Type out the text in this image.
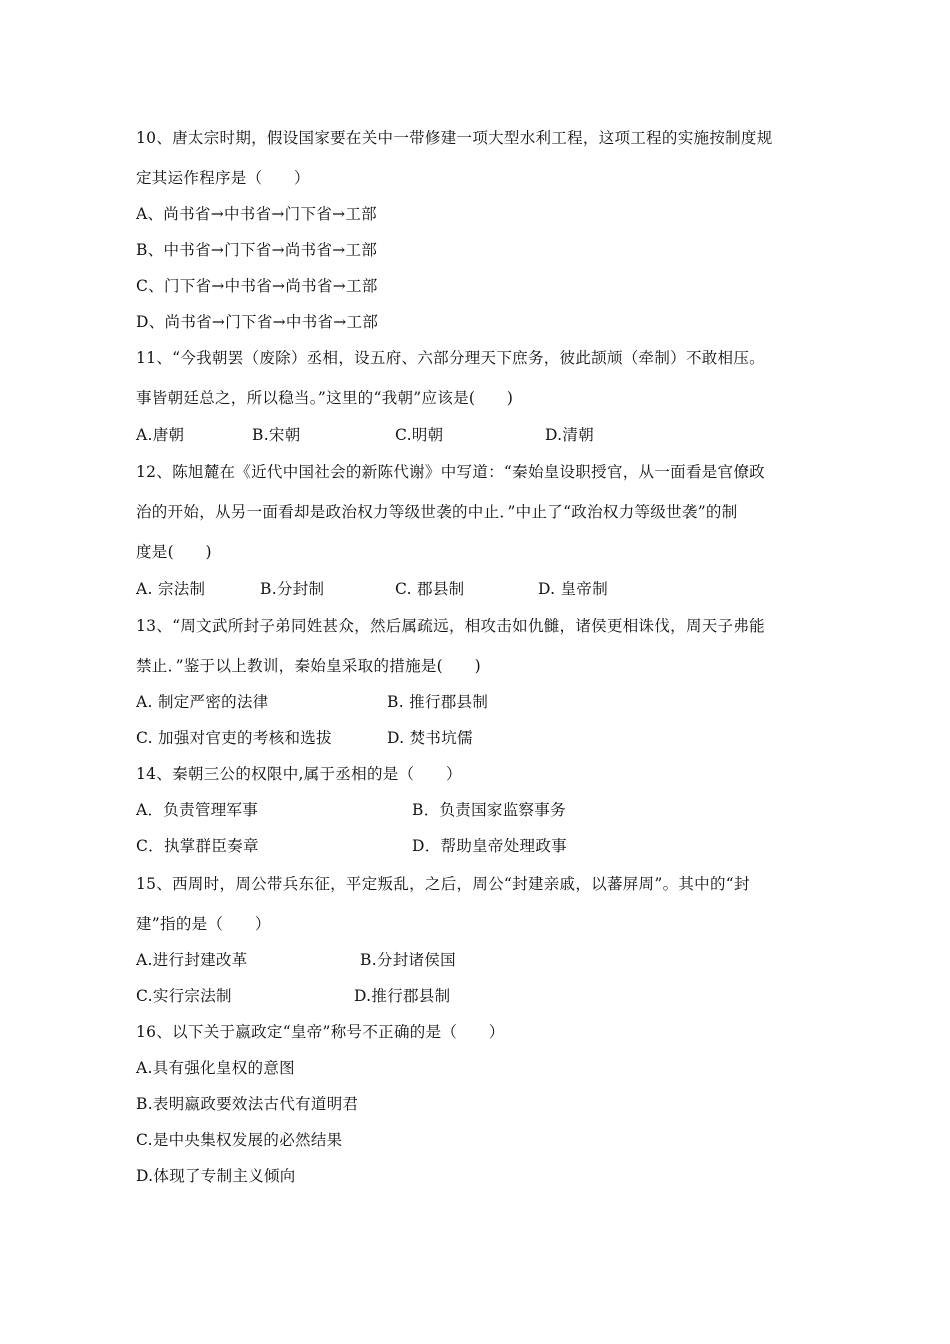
10、唐太宗时期，假设国家要在关中一带修建一项大型水利工程，这项工程的实施按制度规
定其运作程序是（　　）
A、尚书省→中书省→门下省→工部
B、中书省→门下省→尚书省→工部
C、门下省→中书省→尚书省→工部
D、尚书省→门下省→中书省→工部
11、“今我朝罢（废除）丞相，设五府、六部分理天下庶务，彼此颉颃（牵制）不敢相压。
事皆朝廷总之，所以稳当。”这里的“我朝”应该是(　　)
A.唐朝	B.宋朝	C.明朝	D.清朝
12、陈旭麓在《近代中国社会的新陈代谢》中写道：“秦始皇设职授官，从一面看是官僚政
治的开始，从另一面看却是政治权力等级世袭的中止．”中止了“政治权力等级世袭”的制
度是(　　)
A. 宗法制	B.分封制	C. 郡县制	D. 皇帝制
13、“周文武所封子弟同姓甚众，然后属疏远，相攻击如仇雠，诸侯更相诛伐，周天子弗能
禁止．”鉴于以上教训，秦始皇采取的措施是(　　)
A. 制定严密的法律	B. 推行郡县制
C. 加强对官吏的考核和选拔	D. 焚书坑儒
14、秦朝三公的权限中,属于丞相的是（　　）
A．负责管理军事	B．负责国家监察事务
C．执掌群臣奏章	D．帮助皇帝处理政事
15、西周时，周公带兵东征，平定叛乱，之后，周公“封建亲戚，以蕃屏周”。其中的“封
建”指的是（　　）
A.进行封建改革	B.分封诸侯国
C.实行宗法制	D.推行郡县制
16、以下关于嬴政定“皇帝”称号不正确的是（　　）
A.具有强化皇权的意图
B.表明嬴政要效法古代有道明君
C.是中央集权发展的必然结果
D.体现了专制主义倾向
